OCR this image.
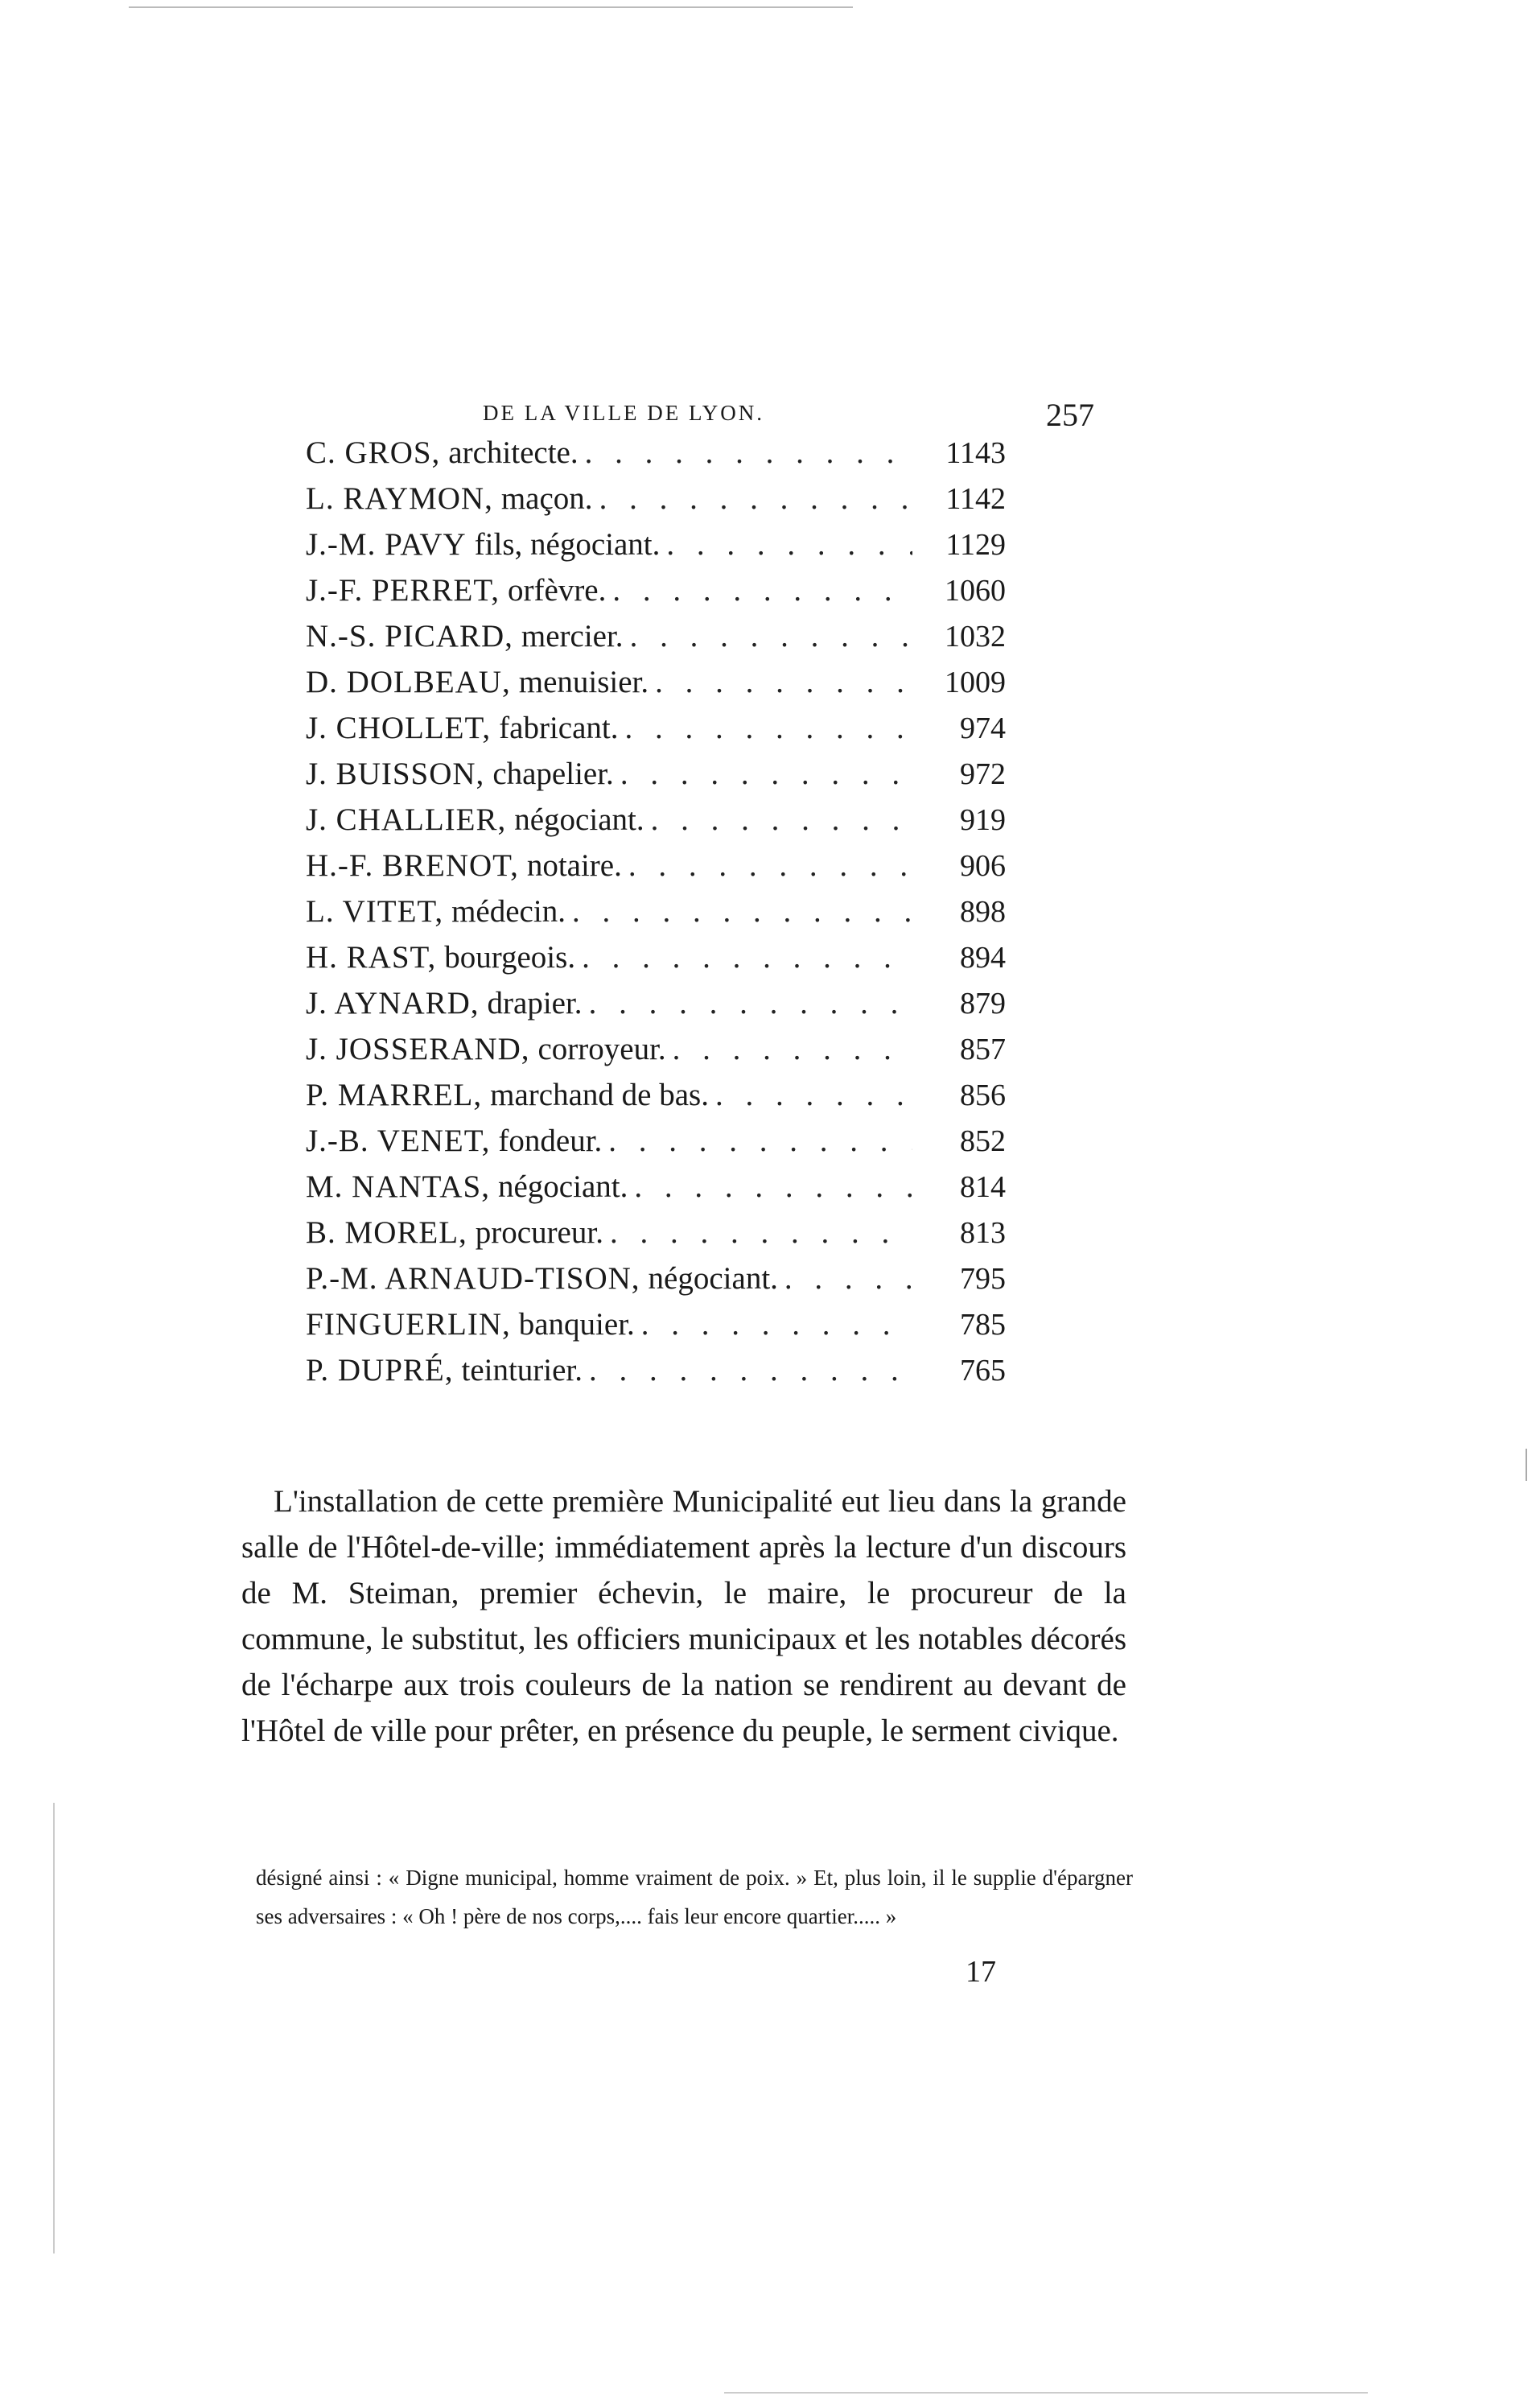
DE LA VILLE DE LYON.	257
C. GROS, architecte. . . .	1143
L. RAYMON, maçon. . . .	1142
J.-M. PAVY fils, négociant. . . .	1129
J.-F. PERRET, orfèvre. . . .	1060
N.-S. PICARD, mercier. . . .	1032
D. DOLBEAU, menuisier. . . .	1009
J. CHOLLET, fabricant. . . .	974
J. BUISSON, chapelier. . . .	972
J. CHALLIER, négociant. . . .	919
H.-F. BRENOT, notaire. . . .	906
L. VITET, médecin. . . .	898
H. RAST, bourgeois. . . .	894
J. AYNARD, drapier. . . .	879
J. JOSSERAND, corroyeur. . . .	857
P. MARREL, marchand de bas. . . .	856
J.-B. VENET, fondeur. . . .	852
M. NANTAS, négociant. . . .	814
B. MOREL, procureur. . . .	813
P.-M. ARNAUD-TISON, négociant. . . .	795
FINGUERLIN, banquier. . . .	785
P. DUPRÉ, teinturier. . . .	765

L'installation de cette première Municipalité eut lieu dans la grande salle de l'Hôtel-de-ville; immédiatement après la lecture d'un discours de M. Steiman, premier échevin, le maire, le procureur de la commune, le substitut, les officiers municipaux et les notables décorés de l'écharpe aux trois couleurs de la nation se rendirent au devant de l'Hôtel de ville pour prêter, en présence du peuple, le serment civique.

désigné ainsi : « Digne municipal, homme vraiment de poix. » Et, plus loin, il le supplie d'épargner ses adversaires : « Oh ! père de nos corps,.... fais leur encore quartier..... »

17
